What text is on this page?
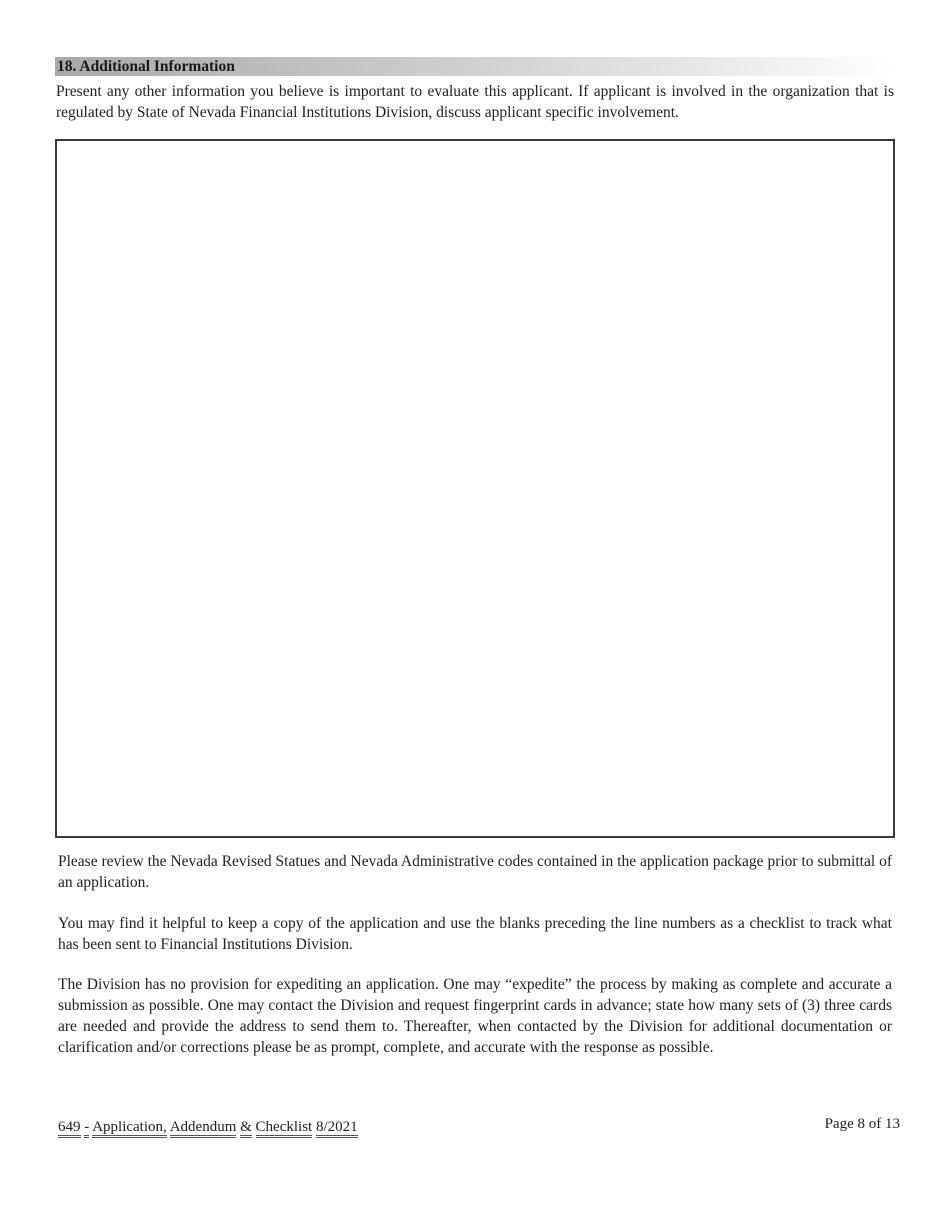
18. Additional Information

Present any other information you believe is important to evaluate this applicant. If applicant is involved in the organization that is regulated by State of Nevada Financial Institutions Division, discuss applicant specific involvement.

Please review the Nevada Revised Statues and Nevada Administrative codes contained in the application package prior to submittal of an application.

You may find it helpful to keep a copy of the application and use the blanks preceding the line numbers as a checklist to track what has been sent to Financial Institutions Division.

The Division has no provision for expediting an application. One may “expedite” the process by making as complete and accurate a submission as possible. One may contact the Division and request fingerprint cards in advance; state how many sets of (3) three cards are needed and provide the address to send them to. Thereafter, when contacted by the Division for additional documentation or clarification and/or corrections please be as prompt, complete, and accurate with the response as possible.

649 - Application, Addendum & Checklist 8/2021	Page 8 of 13
